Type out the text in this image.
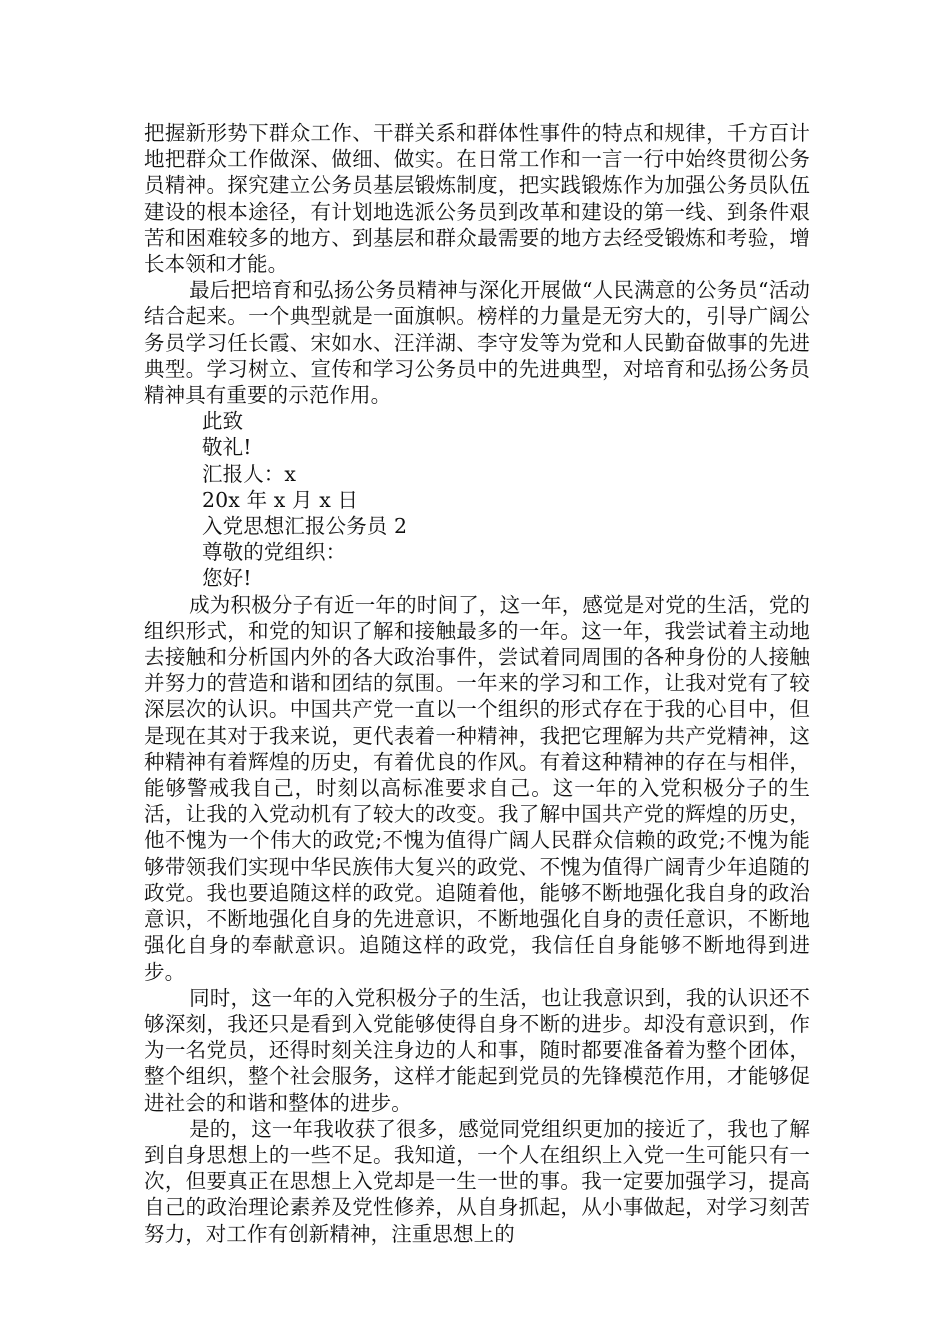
把握新形势下群众工作、干群关系和群体性事件的特点和规律，千方百计地把群众工作做深、做细、做实。在日常工作和一言一行中始终贯彻公务员精神。探究建立公务员基层锻炼制度，把实践锻炼作为加强公务员队伍建设的根本途径，有计划地选派公务员到改革和建设的第一线、到条件艰苦和困难较多的地方、到基层和群众最需要的地方去经受锻炼和考验，增长本领和才能。

最后把培育和弘扬公务员精神与深化开展做“人民满意的公务员“活动结合起来。一个典型就是一面旗帜。榜样的力量是无穷大的，引导广阔公务员学习任长霞、宋如水、汪洋湖、李守发等为党和人民勤奋做事的先进典型。学习树立、宣传和学习公务员中的先进典型，对培育和弘扬公务员精神具有重要的示范作用。

此致

敬礼!

汇报人：x

20x 年 x 月 x 日

入党思想汇报公务员 2

尊敬的党组织：

您好!

成为积极分子有近一年的时间了，这一年，感觉是对党的生活，党的组织形式，和党的知识了解和接触最多的一年。这一年，我尝试着主动地去接触和分析国内外的各大政治事件，尝试着同周围的各种身份的人接触并努力的营造和谐和团结的氛围。一年来的学习和工作，让我对党有了较深层次的认识。中国共产党一直以一个组织的形式存在于我的心目中，但是现在其对于我来说，更代表着一种精神，我把它理解为共产党精神，这种精神有着辉煌的历史，有着优良的作风。有着这种精神的存在与相伴，能够警戒我自己，时刻以高标准要求自己。这一年的入党积极分子的生活，让我的入党动机有了较大的改变。我了解中国共产党的辉煌的历史，他不愧为一个伟大的政党;不愧为值得广阔人民群众信赖的政党;不愧为能够带领我们实现中华民族伟大复兴的政党、不愧为值得广阔青少年追随的政党。我也要追随这样的政党。追随着他，能够不断地强化我自身的政治意识，不断地强化自身的先进意识，不断地强化自身的责任意识，不断地强化自身的奉献意识。追随这样的政党，我信任自身能够不断地得到进步。

同时，这一年的入党积极分子的生活，也让我意识到，我的认识还不够深刻，我还只是看到入党能够使得自身不断的进步。却没有意识到，作为一名党员，还得时刻关注身边的人和事，随时都要准备着为整个团体，整个组织，整个社会服务，这样才能起到党员的先锋模范作用，才能够促进社会的和谐和整体的进步。

是的，这一年我收获了很多，感觉同党组织更加的接近了，我也了解到自身思想上的一些不足。我知道，一个人在组织上入党一生可能只有一次，但要真正在思想上入党却是一生一世的事。我一定要加强学习，提高自己的政治理论素养及党性修养，从自身抓起，从小事做起，对学习刻苦努力，对工作有创新精神，注重思想上的
